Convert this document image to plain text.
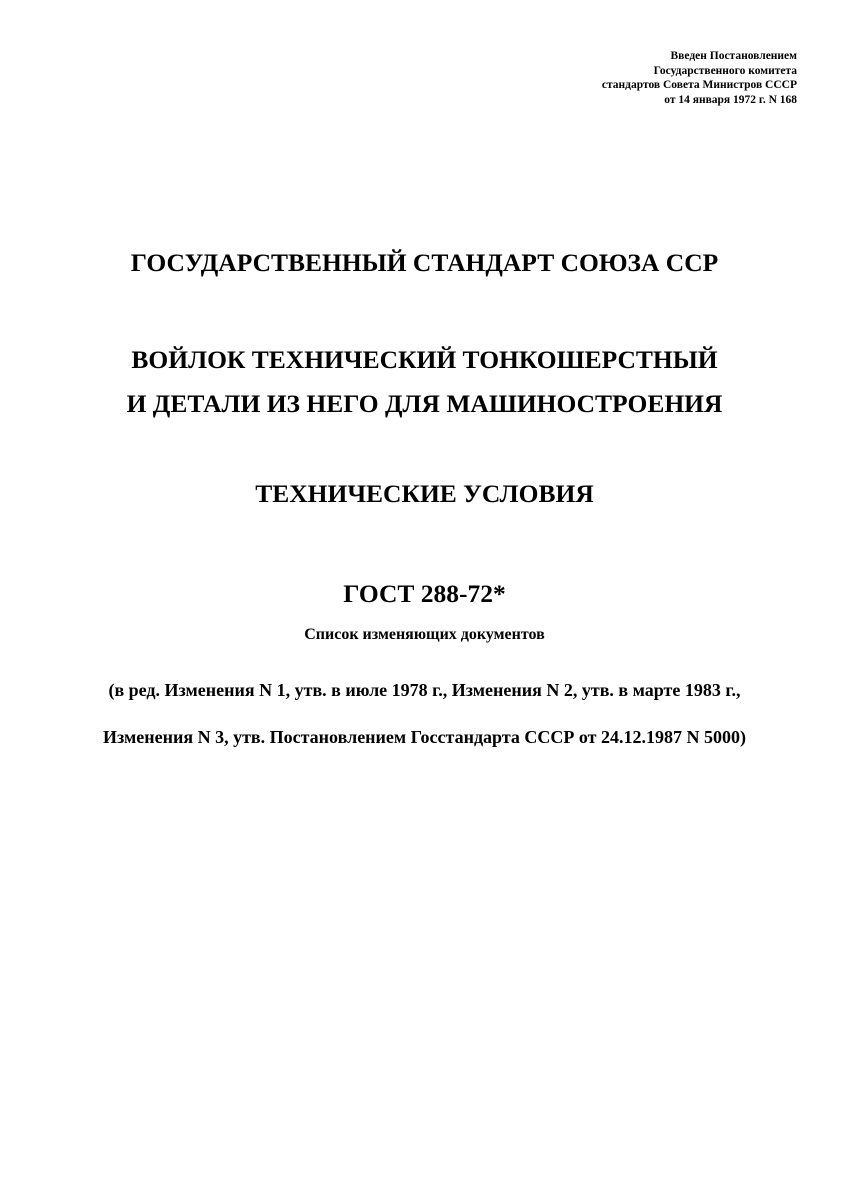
Введен Постановлением
Государственного комитета
стандартов Совета Министров СССР
от 14 января 1972 г. N 168
ГОСУДАРСТВЕННЫЙ СТАНДАРТ СОЮЗА ССР
ВОЙЛОК ТЕХНИЧЕСКИЙ ТОНКОШЕРСТНЫЙ
И ДЕТАЛИ ИЗ НЕГО ДЛЯ МАШИНОСТРОЕНИЯ
ТЕХНИЧЕСКИЕ УСЛОВИЯ
ГОСТ 288-72*
Список изменяющих документов
(в ред. Изменения N 1, утв. в июле 1978 г., Изменения N 2, утв. в марте 1983 г.,
Изменения N 3, утв. Постановлением Госстандарта СССР от 24.12.1987 N 5000)
